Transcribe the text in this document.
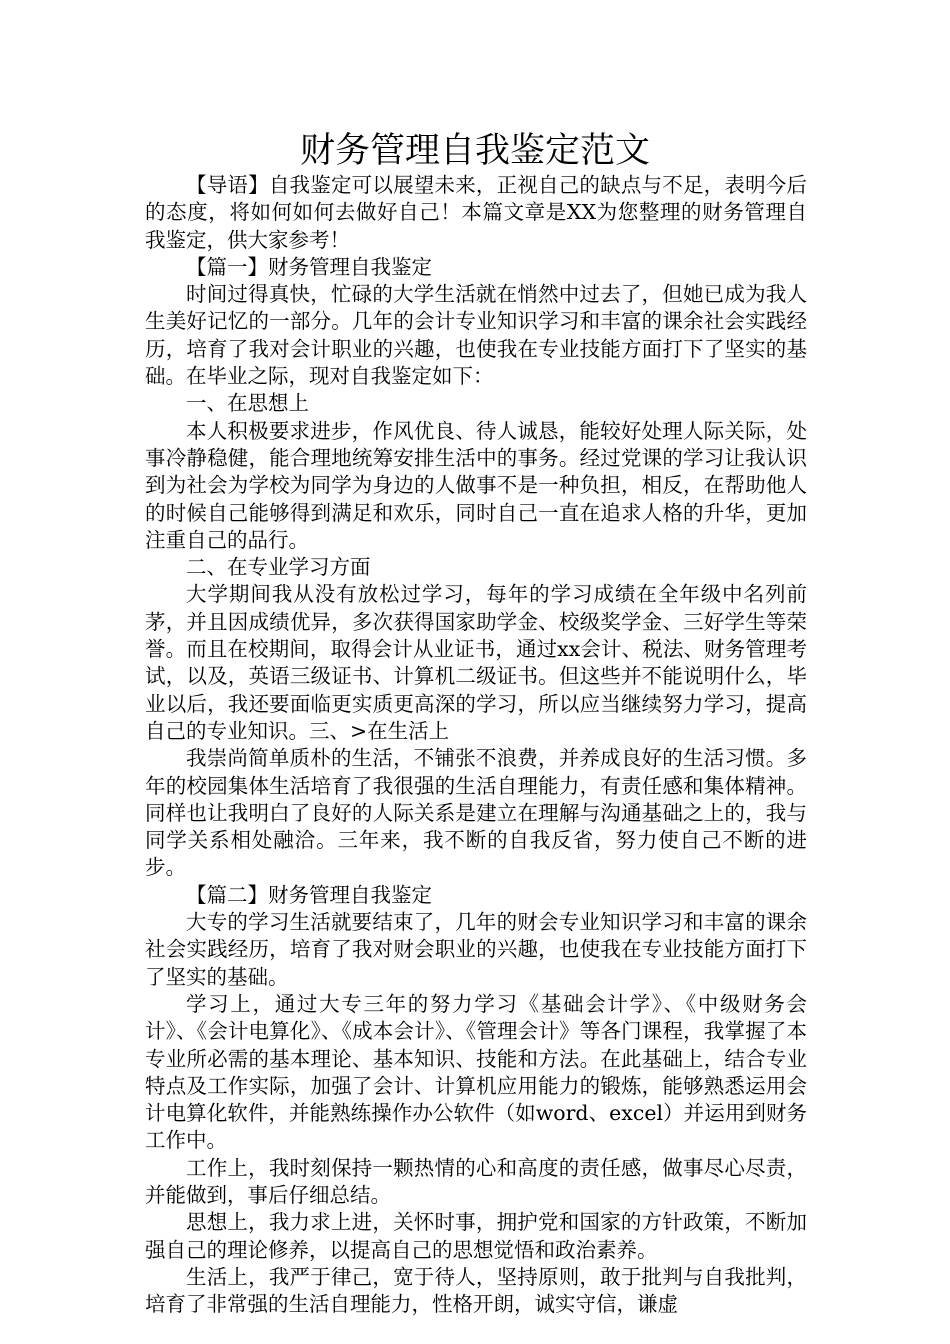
财务管理自我鉴定范文

【导语】自我鉴定可以展望未来，正视自己的缺点与不足，表明今后的态度，将如何如何去做好自己！本篇文章是XX为您整理的财务管理自我鉴定，供大家参考！

【篇一】财务管理自我鉴定

时间过得真快，忙碌的大学生活就在悄然中过去了，但她已成为我人生美好记忆的一部分。几年的会计专业知识学习和丰富的课余社会实践经历，培育了我对会计职业的兴趣，也使我在专业技能方面打下了坚实的基础。在毕业之际，现对自我鉴定如下：

一、在思想上

本人积极要求进步，作风优良、待人诚恳，能较好处理人际关际，处事冷静稳健，能合理地统筹安排生活中的事务。经过党课的学习让我认识到为社会为学校为同学为身边的人做事不是一种负担，相反，在帮助他人的时候自己能够得到满足和欢乐，同时自己一直在追求人格的升华，更加注重自己的品行。

二、在专业学习方面

大学期间我从没有放松过学习，每年的学习成绩在全年级中名列前茅，并且因成绩优异，多次获得国家助学金、校级奖学金、三好学生等荣誉。而且在校期间，取得会计从业证书，通过xx会计、税法、财务管理考试，以及，英语三级证书、计算机二级证书。但这些并不能说明什么，毕业以后，我还要面临更实质更高深的学习，所以应当继续努力学习，提高自己的专业知识。三、>在生活上

我崇尚简单质朴的生活，不铺张不浪费，并养成良好的生活习惯。多年的校园集体生活培育了我很强的生活自理能力，有责任感和集体精神。同样也让我明白了良好的人际关系是建立在理解与沟通基础之上的，我与同学关系相处融洽。三年来，我不断的自我反省，努力使自己不断的进步。

【篇二】财务管理自我鉴定

大专的学习生活就要结束了，几年的财会专业知识学习和丰富的课余社会实践经历，培育了我对财会职业的兴趣，也使我在专业技能方面打下了坚实的基础。

学习上，通过大专三年的努力学习《基础会计学》、《中级财务会计》、《会计电算化》、《成本会计》、《管理会计》等各门课程，我掌握了本专业所必需的基本理论、基本知识、技能和方法。在此基础上，结合专业特点及工作实际，加强了会计、计算机应用能力的锻炼，能够熟悉运用会计电算化软件，并能熟练操作办公软件（如word、excel）并运用到财务工作中。

工作上，我时刻保持一颗热情的心和高度的责任感，做事尽心尽责，并能做到，事后仔细总结。

思想上，我力求上进，关怀时事，拥护党和国家的方针政策，不断加强自己的理论修养，以提高自己的思想觉悟和政治素养。

生活上，我严于律己，宽于待人，坚持原则，敢于批判与自我批判，培育了非常强的生活自理能力，性格开朗，诚实守信，谦虚
